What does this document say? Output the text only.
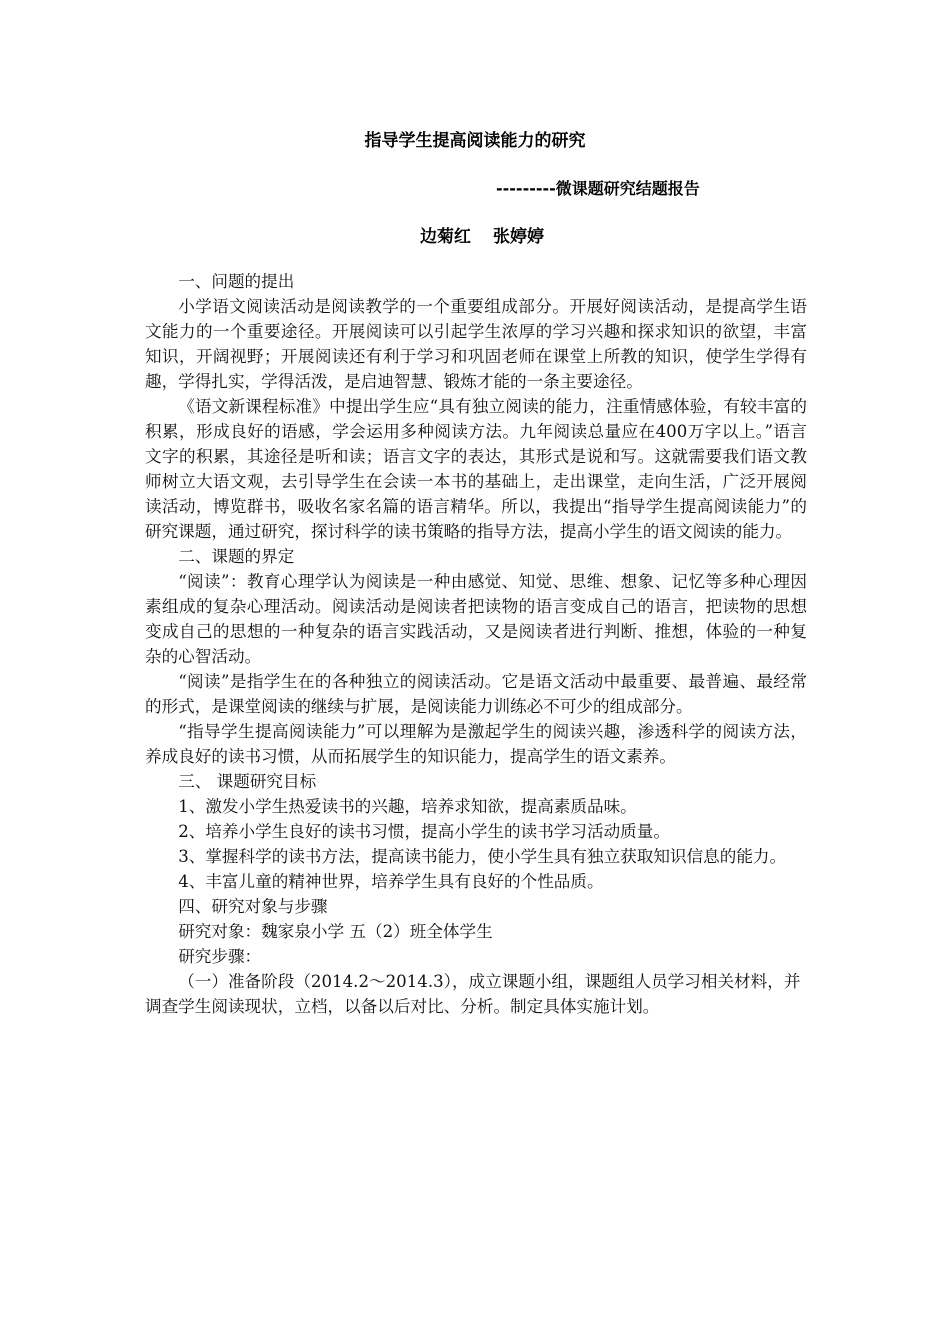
指导学生提高阅读能力的研究
---------微课题研究结题报告
边菊红 张婷婷

一、问题的提出

小学语文阅读活动是阅读教学的一个重要组成部分。开展好阅读活动，是提高学生语文能力的一个重要途径。开展阅读可以引起学生浓厚的学习兴趣和探求知识的欲望，丰富知识，开阔视野；开展阅读还有利于学习和巩固老师在课堂上所教的知识，使学生学得有趣，学得扎实，学得活泼，是启迪智慧、锻炼才能的一条主要途径。

《语文新课程标准》中提出学生应“具有独立阅读的能力，注重情感体验，有较丰富的积累，形成良好的语感，学会运用多种阅读方法。九年阅读总量应在400万字以上。”语言文字的积累，其途径是听和读；语言文字的表达，其形式是说和写。这就需要我们语文教师树立大语文观，去引导学生在会读一本书的基础上，走出课堂，走向生活，广泛开展阅读活动，博览群书，吸收名家名篇的语言精华。所以，我提出“指导学生提高阅读能力”的研究课题，通过研究，探讨科学的读书策略的指导方法，提高小学生的语文阅读的能力。

二、课题的界定

“阅读”：教育心理学认为阅读是一种由感觉、知觉、思维、想象、记忆等多种心理因素组成的复杂心理活动。阅读活动是阅读者把读物的语言变成自己的语言，把读物的思想变成自己的思想的一种复杂的语言实践活动，又是阅读者进行判断、推想，体验的一种复杂的心智活动。

“阅读”是指学生在的各种独立的阅读活动。它是语文活动中最重要、最普遍、最经常的形式，是课堂阅读的继续与扩展，是阅读能力训练必不可少的组成部分。

“指导学生提高阅读能力”可以理解为是激起学生的阅读兴趣，渗透科学的阅读方法，养成良好的读书习惯，从而拓展学生的知识能力，提高学生的语文素养。

三、 课题研究目标

1、激发小学生热爱读书的兴趣，培养求知欲，提高素质品味。

2、培养小学生良好的读书习惯，提高小学生的读书学习活动质量。

3、掌握科学的读书方法，提高读书能力，使小学生具有独立获取知识信息的能力。

4、丰富儿童的精神世界，培养学生具有良好的个性品质。

四、研究对象与步骤

研究对象：魏家泉小学 五（2）班全体学生

研究步骤：

（一）准备阶段（2014.2～2014.3），成立课题小组，课题组人员学习相关材料，并调查学生阅读现状，立档，以备以后对比、分析。制定具体实施计划。
